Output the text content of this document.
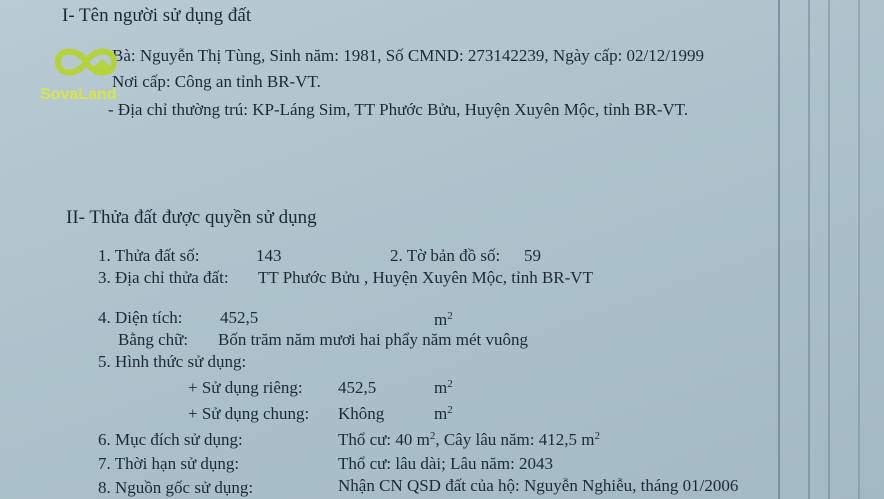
I- Tên người sử dụng đất
Bà: Nguyễn Thị Tùng, Sinh năm: 1981, Số CMND: 273142239, Ngày cấp: 02/12/1999
Nơi cấp: Công an tỉnh BR-VT.
- Địa chỉ thường trú: KP-Láng Sim, TT Phước Bửu, Huyện Xuyên Mộc, tỉnh BR-VT.
II- Thửa đất được quyền sử dụng
1. Thửa đất số:	143	2. Tờ bản đồ số: 59
3. Địa chỉ thửa đất: TT Phước Bửu , Huyện Xuyên Mộc, tỉnh BR-VT
4. Diện tích: 452,5	$m^2$
Bằng chữ: Bốn trăm năm mươi hai phẩy năm mét vuông
5. Hình thức sử dụng:
+ Sử dụng riêng: 452,5	$m^2$
+ Sử dụng chung: Không	$m^2$
6. Mục đích sử dụng:	Thổ cư: 40 $m^2$, Cây lâu năm: 412,5 $m^2$
7. Thời hạn sử dụng:	Thổ cư: lâu dài; Lâu năm: 2043
8. Nguồn gốc sử dụng:	Nhận CN QSD đất của hộ: Nguyễn Nghiễu, tháng 01/2006
SovaLand
